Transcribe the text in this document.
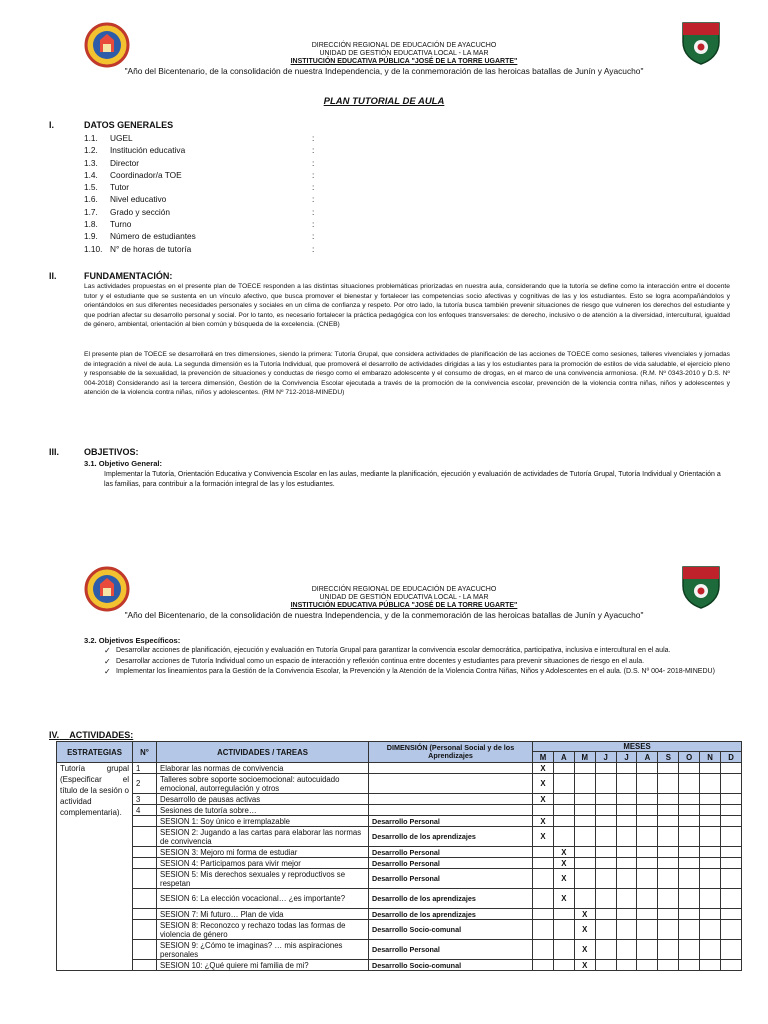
DIRECCIÓN REGIONAL DE EDUCACIÓN DE AYACUCHO
UNIDAD DE GESTIÓN EDUCATIVA LOCAL - LA MAR
INSTITUCIÓN EDUCATIVA PÚBLICA "JOSÉ DE LA TORRE UGARTE"
"Año del Bicentenario, de la consolidación de nuestra Independencia, y de la conmemoración de las heroicas batallas de Junín y Ayacucho"
PLAN TUTORIAL DE AULA
I.	DATOS GENERALES
1.1. UGEL	:
1.2. Institución educativa	:
1.3. Director	:
1.4. Coordinador/a TOE	:
1.5. Tutor	:
1.6. Nivel educativo	:
1.7. Grado y sección	:
1.8. Turno	:
1.9. Número de estudiantes	:
1.10. N° de horas de tutoría	:
II.	FUNDAMENTACIÓN:
Las actividades propuestas en el presente plan de TOECE responden a las distintas situaciones problemáticas priorizadas en nuestra aula, considerando que la tutoría se define como la interacción entre el docente tutor y el estudiante que se sustenta en un vínculo afectivo, que busca promover el bienestar y fortalecer las competencias socio afectivas y cognitivas de las y los estudiantes. Esto se logra acompañándolos y orientándolos en sus diferentes necesidades personales y sociales en un clima de confianza y respeto. Por otro lado, la tutoría busca también prevenir situaciones de riesgo que vulneren los derechos del estudiante y que podrían afectar su desarrollo personal y social. Por lo tanto, es necesario fortalecer la práctica pedagógica con los enfoques transversales: de derecho, inclusivo o de atención a la diversidad, intercultural, igualdad de género, ambiental, orientación al bien común y búsqueda de la excelencia. (CNEB)
El presente plan de TOECE se desarrollará en tres dimensiones, siendo la primera: Tutoría Grupal, que considera actividades de planificación de las acciones de TOECE como sesiones, talleres vivenciales y jornadas de integración a nivel de aula. La segunda dimensión es la Tutoría Individual, que promoverá el desarrollo de actividades dirigidas a las y los estudiantes para la promoción de estilos de vida saludable, el ejercicio pleno y responsable de la sexualidad, la prevención de situaciones y conductas de riesgo como el embarazo adolescente y el consumo de drogas, en el marco de una convivencia armoniosa. (R.M. Nº 0343-2010 y D.S. Nº 004-2018) Considerando así la tercera dimensión, Gestión de la Convivencia Escolar ejecutada a través de la promoción de la convivencia escolar, prevención de la violencia contra niñas, niños y adolescentes y atención de la violencia contra niñas, niños y adolescentes. (RM Nº 712-2018-MINEDU)
III.	OBJETIVOS:
3.1. Objetivo General:
Implementar la Tutoría, Orientación Educativa y Convivencia Escolar en las aulas, mediante la planificación, ejecución y evaluación de actividades de Tutoría Grupal, Tutoría Individual y Orientación a las familias, para contribuir a la formación integral de las y los estudiantes.
DIRECCIÓN REGIONAL DE EDUCACIÓN DE AYACUCHO
UNIDAD DE GESTIÓN EDUCATIVA LOCAL - LA MAR
INSTITUCIÓN EDUCATIVA PÚBLICA "JOSÉ DE LA TORRE UGARTE"
"Año del Bicentenario, de la consolidación de nuestra Independencia, y de la conmemoración de las heroicas batallas de Junín y Ayacucho"
3.2. Objetivos Específicos:
✓ Desarrollar acciones de planificación, ejecución y evaluación en Tutoría Grupal para garantizar la convivencia escolar democrática, participativa, inclusiva e intercultural en el aula.
✓ Desarrollar acciones de Tutoría Individual como un espacio de interacción y reflexión continua entre docentes y estudiantes para prevenir situaciones de riesgo en el aula.
✓ Implementar los lineamientos para la Gestión de la Convivencia Escolar, la Prevención y la Atención de la Violencia Contra Niñas, Niños y Adolescentes en el aula. (D.S. Nº 004- 2018-MINEDU)
IV. ACTIVIDADES:
ESTRATEGIAS	N°	ACTIVIDADES / TAREAS	DIMENSIÓN (Personal Social y de los Aprendizajes	MESES									
				M	A	M	J	J	A	S	O	N	D
Tutoría grupal (Especificar el título de la sesión o actividad complementaria).	1	Elaborar las normas de convivencia		X									
	2	Talleres sobre soporte socioemocional: autocuidado emocional, autorregulación y otros		X									
	3	Desarrollo de pausas activas		X									
	4	Sesiones de tutoría sobre…											
		SESION 1: Soy único e irremplazable	Desarrollo Personal	X									
		SESION 2: Jugando a las cartas para elaborar las normas de convivencia	Desarrollo de los aprendizajes	X									
		SESION 3: Mejoro mi forma de estudiar	Desarrollo Personal		X								
		SESION 4: Participamos para vivir mejor	Desarrollo Personal		X								
		SESION 5: Mis derechos sexuales y reproductivos se respetan	Desarrollo Personal		X								
		SESION 6: La elección vocacional… ¿es importante?	Desarrollo de los aprendizajes		X								
		SESION 7: Mi futuro… Plan de vida	Desarrollo de los aprendizajes			X							
		SESION 8: Reconozco y rechazo todas las formas de violencia de género	Desarrollo Socio-comunal			X							
		SESION 9: ¿Cómo te imaginas? … mis aspiraciones personales	Desarrollo Personal			X							
		SESION 10: ¿Qué quiere mi familia de mi?	Desarrollo Socio-comunal			X							
